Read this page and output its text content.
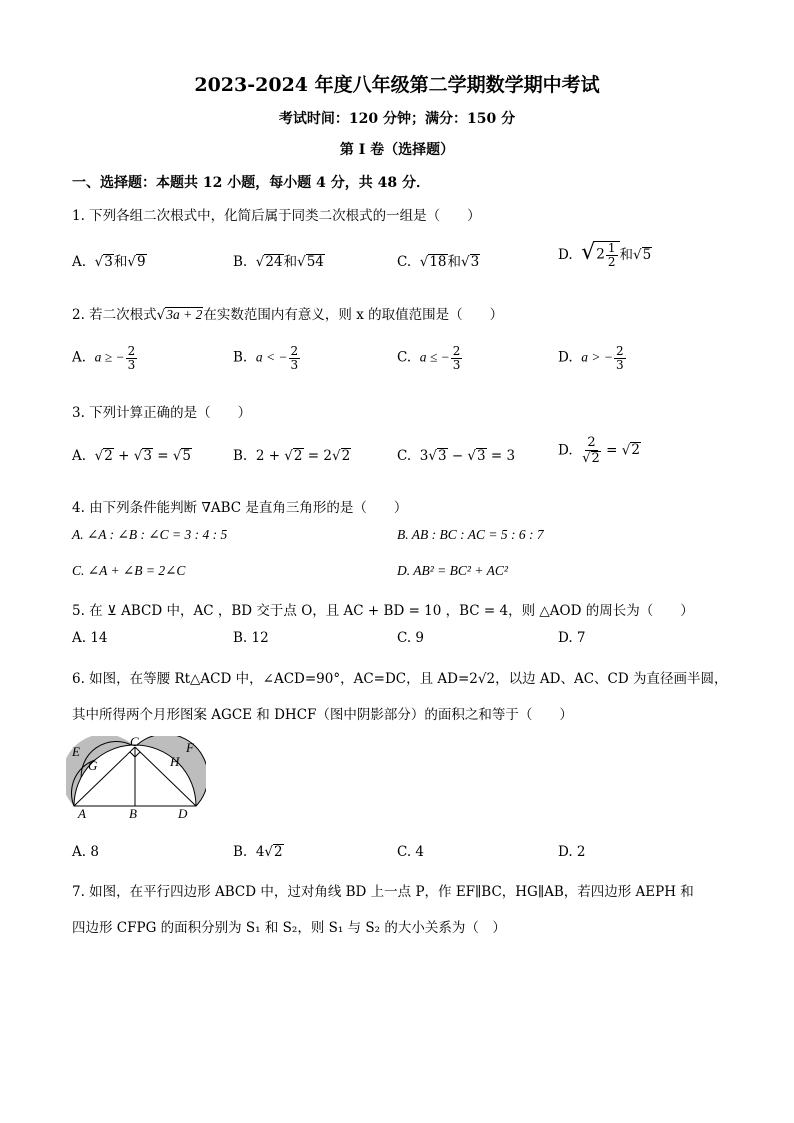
2023-2024 年度八年级第二学期数学期中考试
考试时间：120 分钟；满分：150 分
第 I 卷（选择题）
一、选择题：本题共 12 小题，每小题 4 分，共 48 分．
1. 下列各组二次根式中，化简后属于同类二次根式的一组是（　　）
A.  √3和√9	B.  √24和√54	C.  √18和√3	D. $√2 \frac{1}{2}$ 和√5
2. 若二次根式√3a + 2在实数范围内有意义，则 x 的取值范围是（　　）
A. a ≥ − $\frac{2}{3}$	B. a < − $\frac{2}{3}$	C. a ≤ − $\frac{2}{3}$	D. a > − $\frac{2}{3}$
3. 下列计算正确的是（　　）
A.  √2 + √3 = √5	B. 2 + √2 = 2√2	C. 3√3 − √3 = 3	D. $\frac{2}{√2} = √2$
4. 由下列条件能判断 ∇ABC 是直角三角形的是（　　）
A. ∠A : ∠B : ∠C = 3 : 4 : 5	B. AB : BC : AC = 5 : 6 : 7
C. ∠A + ∠B = 2∠C	D. AB² = BC² + AC²
5. 在 ⊻ ABCD 中，AC ，BD 交于点 O，且 AC + BD = 10 ，BC = 4，则 △AOD 的周长为（　　）
A. 14	B. 12	C. 9	D. 7
6. 如图，在等腰 Rt△ACD 中，∠ACD=90°，AC=DC，且 AD=2√2，以边 AD、AC、CD 为直径画半圆，
其中所得两个月形图案 AGCE 和 DHCF（图中阴影部分）的面积之和等于（　　）
E
C	F
G	H
A	B	D
A. 8	B. 4√2	C. 4	D. 2
7. 如图，在平行四边形 ABCD 中，过对角线 BD 上一点 P，作 EF∥BC，HG∥AB，若四边形 AEPH 和
四边形 CFPG 的面积分别为 S₁ 和 S₂，则 S₁ 与 S₂ 的大小关系为（　）
